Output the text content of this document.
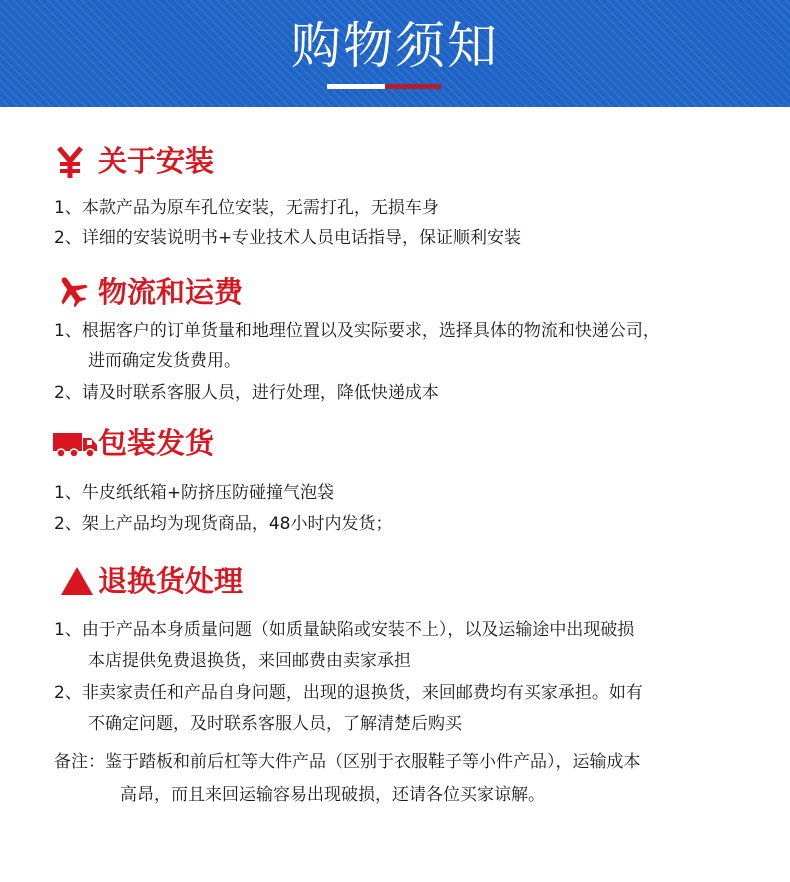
购物须知
关于安装
1、本款产品为原车孔位安装，无需打孔，无损车身
2、详细的安装说明书+专业技术人员电话指导，保证顺利安装
物流和运费
1、根据客户的订单货量和地理位置以及实际要求，选择具体的物流和快递公司，
进而确定发货费用。
2、请及时联系客服人员，进行处理，降低快递成本
包装发货
1、牛皮纸纸箱+防挤压防碰撞气泡袋
2、架上产品均为现货商品，48小时内发货；
退换货处理
1、由于产品本身质量问题（如质量缺陷或安装不上），以及运输途中出现破损
本店提供免费退换货，来回邮费由卖家承担
2、非卖家责任和产品自身问题，出现的退换货，来回邮费均有买家承担。如有
不确定问题，及时联系客服人员，了解清楚后购买
备注：鉴于踏板和前后杠等大件产品（区别于衣服鞋子等小件产品），运输成本
高昂，而且来回运输容易出现破损，还请各位买家谅解。
